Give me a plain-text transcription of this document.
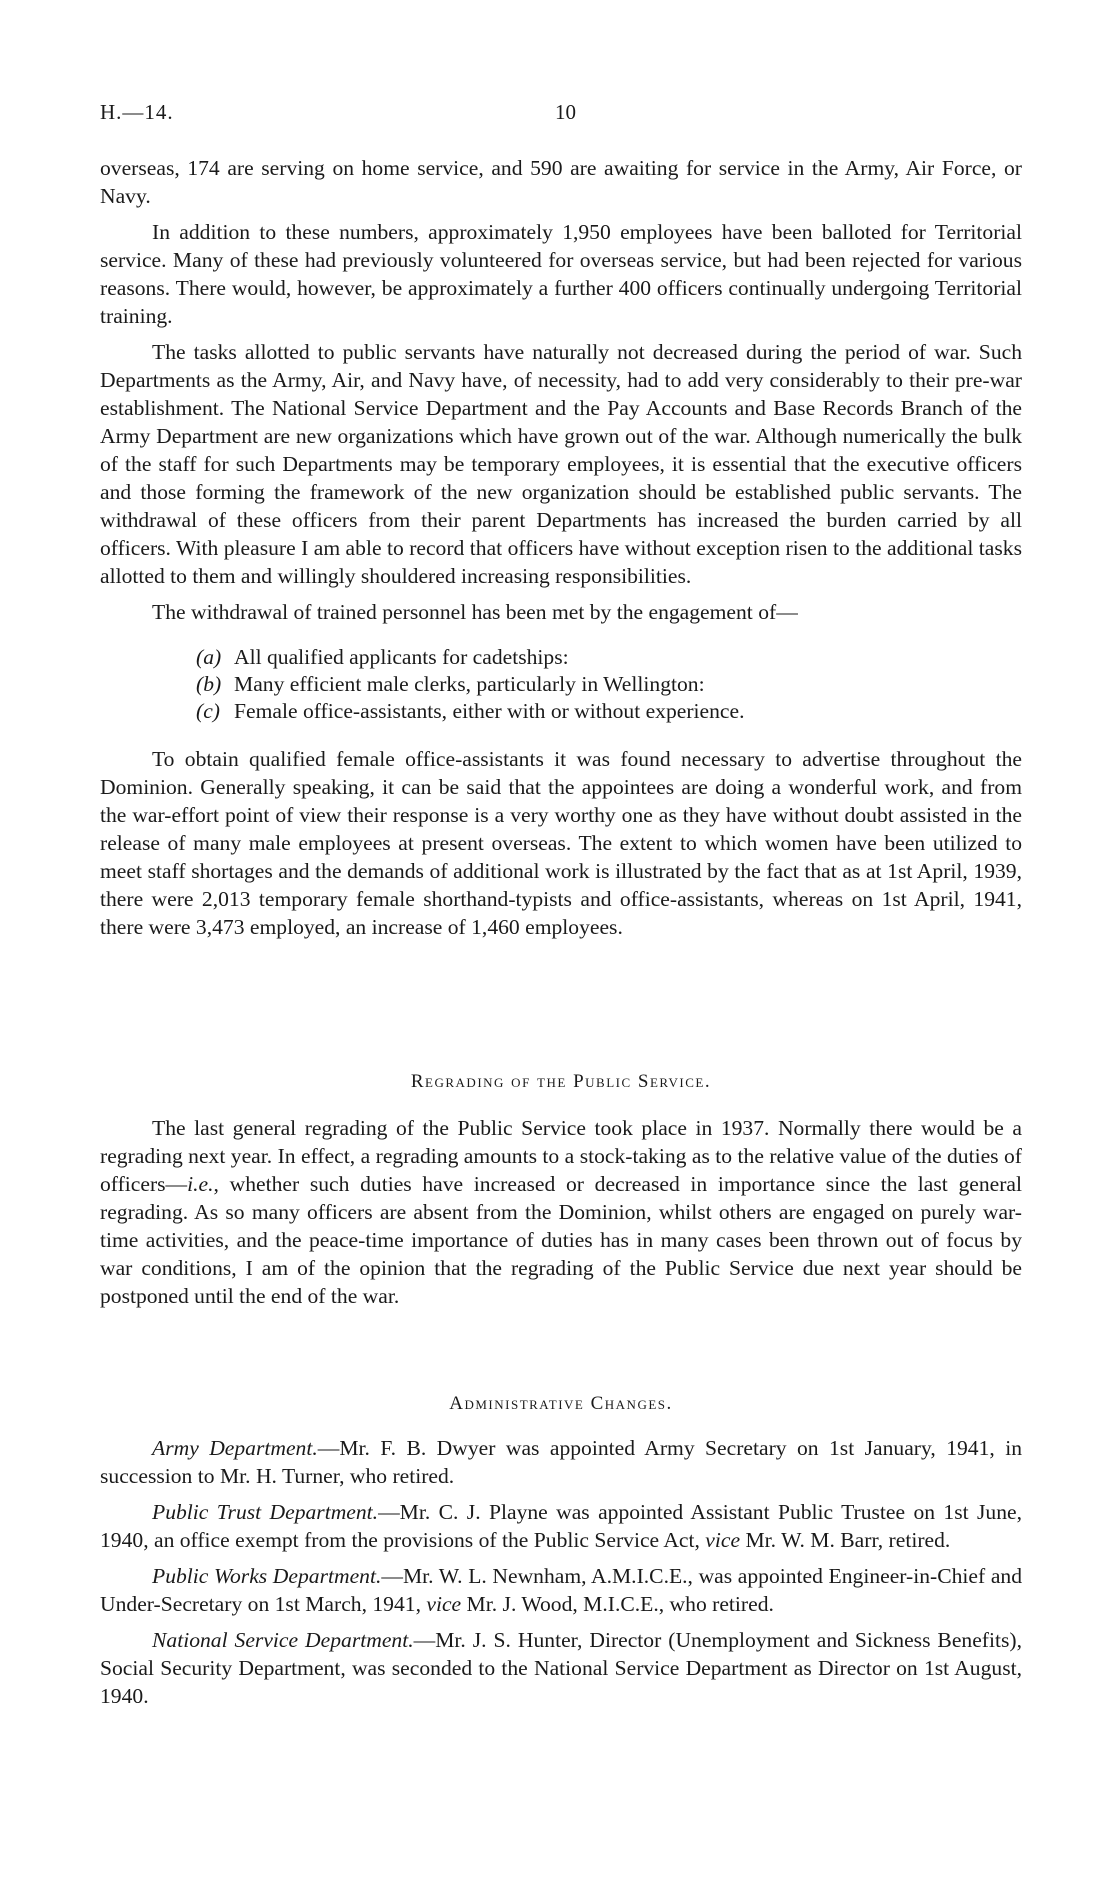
H.—14.	10

overseas, 174 are serving on home service, and 590 are awaiting for service in the Army, Air Force, or Navy.

In addition to these numbers, approximately 1,950 employees have been balloted for Territorial service. Many of these had previously volunteered for overseas service, but had been rejected for various reasons. There would, however, be approximately a further 400 officers continually undergoing Territorial training.

The tasks allotted to public servants have naturally not decreased during the period of war. Such Departments as the Army, Air, and Navy have, of necessity, had to add very considerably to their pre-war establishment. The National Service Department and the Pay Accounts and Base Records Branch of the Army Department are new organizations which have grown out of the war. Although numerically the bulk of the staff for such Departments may be temporary employees, it is essential that the executive officers and those forming the framework of the new organization should be established public servants. The withdrawal of these officers from their parent Departments has increased the burden carried by all officers. With pleasure I am able to record that officers have without exception risen to the additional tasks allotted to them and willingly shouldered increasing responsibilities.

The withdrawal of trained personnel has been met by the engagement of—

(a) All qualified applicants for cadetships:
(b) Many efficient male clerks, particularly in Wellington:
(c) Female office-assistants, either with or without experience.

To obtain qualified female office-assistants it was found necessary to advertise throughout the Dominion. Generally speaking, it can be said that the appointees are doing a wonderful work, and from the war-effort point of view their response is a very worthy one as they have without doubt assisted in the release of many male employees at present overseas. The extent to which women have been utilized to meet staff shortages and the demands of additional work is illustrated by the fact that as at 1st April, 1939, there were 2,013 temporary female shorthand-typists and office-assistants, whereas on 1st April, 1941, there were 3,473 employed, an increase of 1,460 employees.

Regrading of the Public Service.

The last general regrading of the Public Service took place in 1937. Normally there would be a regrading next year. In effect, a regrading amounts to a stock-taking as to the relative value of the duties of officers—i.e., whether such duties have increased or decreased in importance since the last general regrading. As so many officers are absent from the Dominion, whilst others are engaged on purely war-time activities, and the peace-time importance of duties has in many cases been thrown out of focus by war conditions, I am of the opinion that the regrading of the Public Service due next year should be postponed until the end of the war.

Administrative Changes.

Army Department.—Mr. F. B. Dwyer was appointed Army Secretary on 1st January, 1941, in succession to Mr. H. Turner, who retired.

Public Trust Department.—Mr. C. J. Playne was appointed Assistant Public Trustee on 1st June, 1940, an office exempt from the provisions of the Public Service Act, vice Mr. W. M. Barr, retired.

Public Works Department.—Mr. W. L. Newnham, A.M.I.C.E., was appointed Engineer-in-Chief and Under-Secretary on 1st March, 1941, vice Mr. J. Wood, M.I.C.E., who retired.

National Service Department.—Mr. J. S. Hunter, Director (Unemployment and Sickness Benefits), Social Security Department, was seconded to the National Service Department as Director on 1st August, 1940.
